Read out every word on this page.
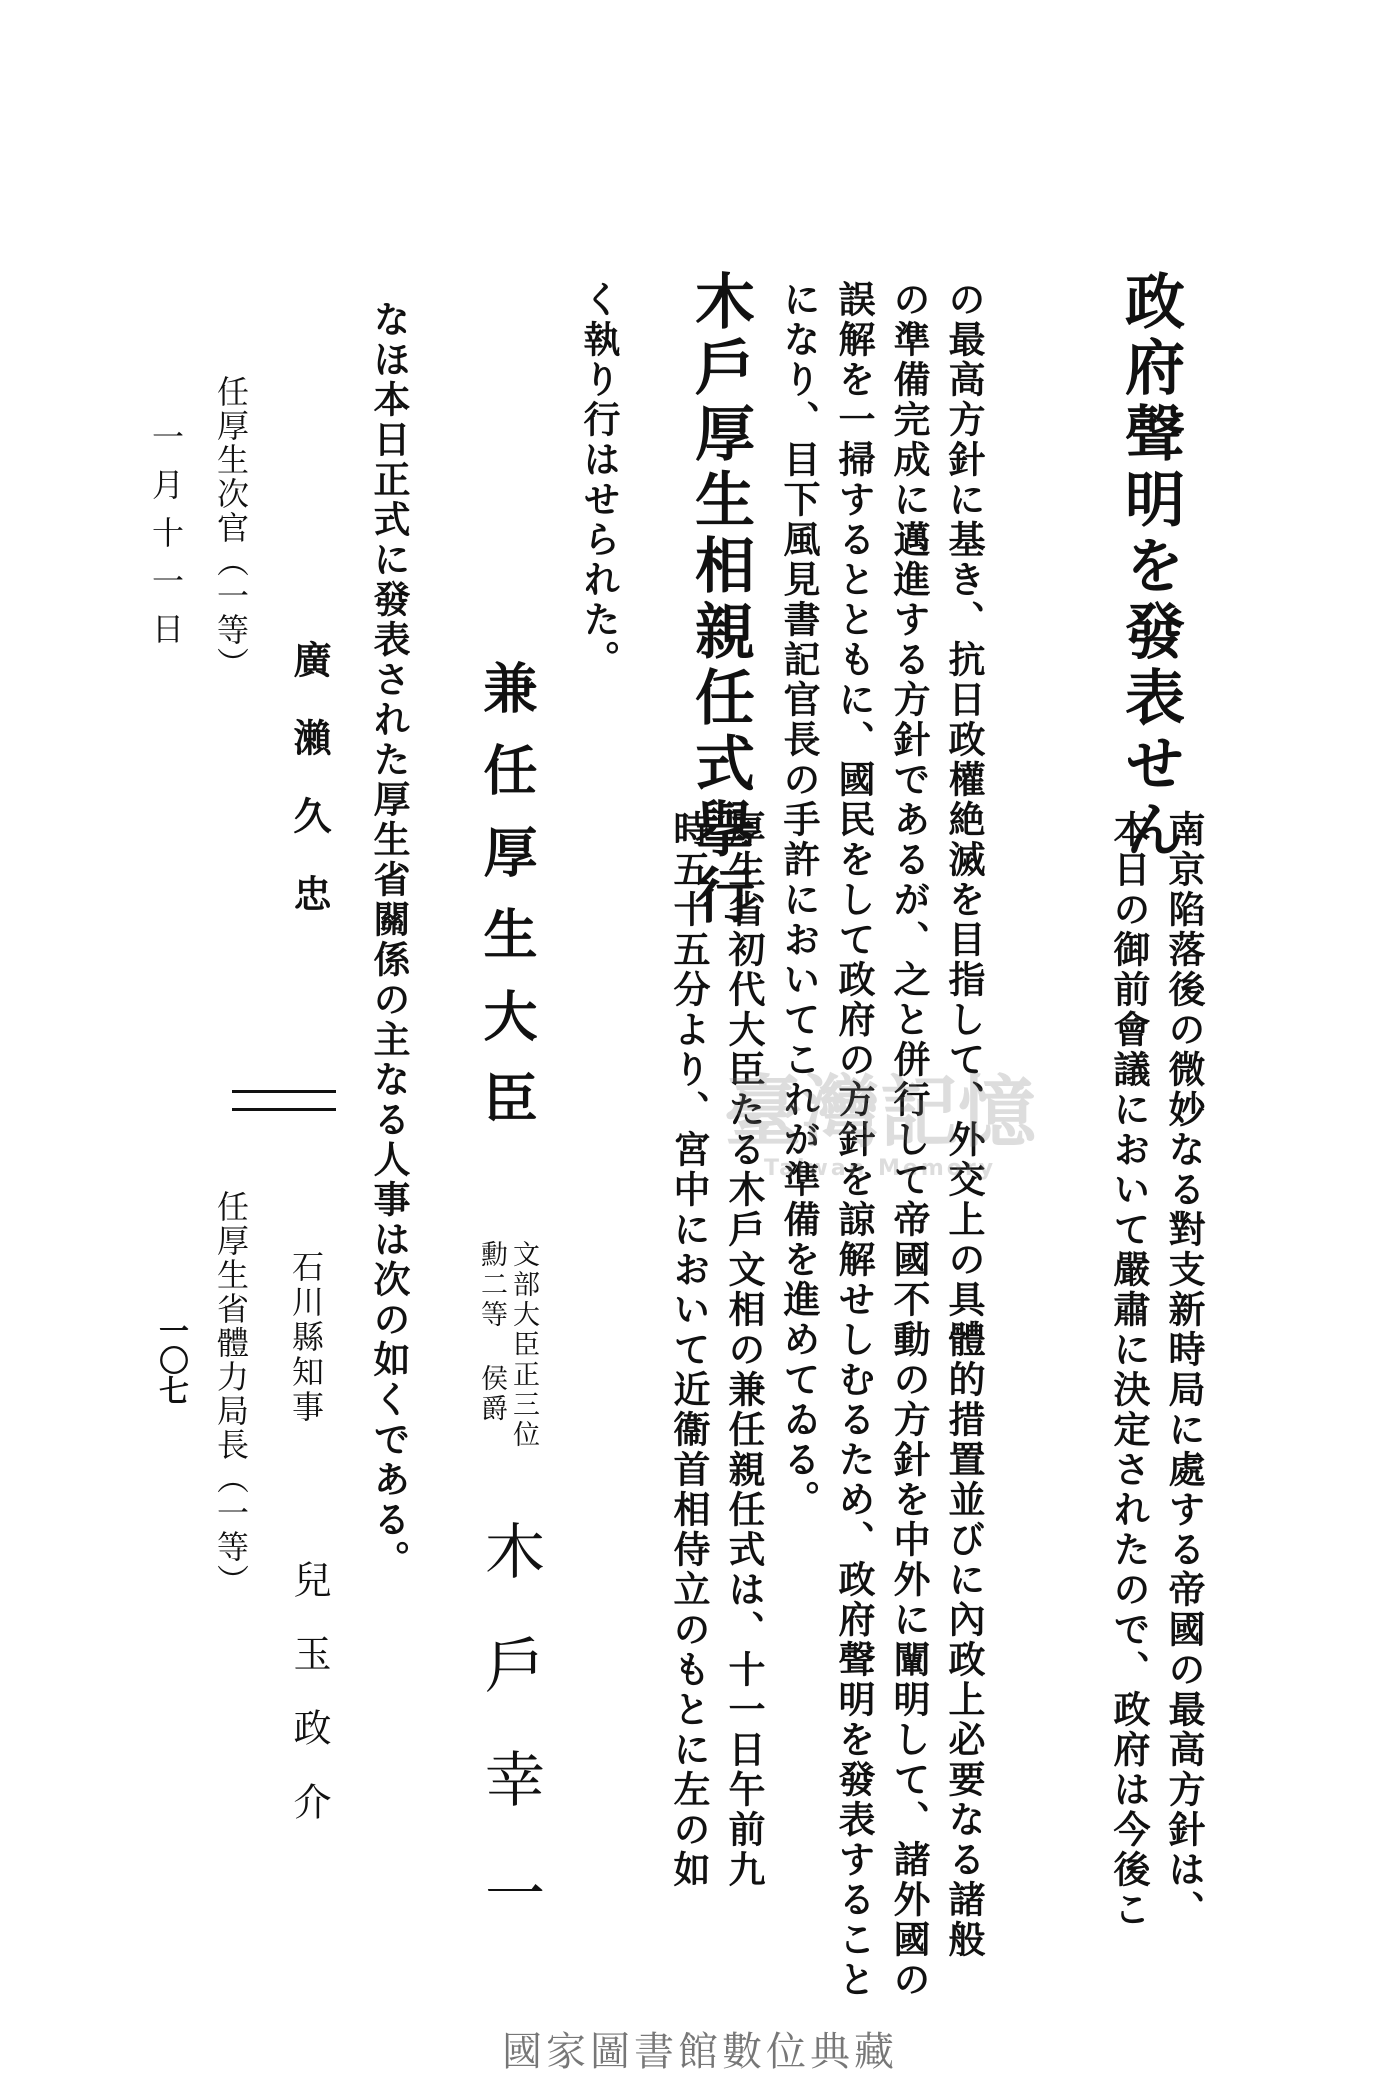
政府聲明を發表せん
南京陷落後の微妙なる對支新時局に處する帝國の最高方針は、
本日の御前會議において嚴肅に決定されたので、政府は今後こ
の最高方針に基き、抗日政權絶滅を目指して、外交上の具體的措置並びに內政上必要なる諸般
の準備完成に邁進する方針であるが、之と併行して帝國不動の方針を中外に闡明して、諸外國の
誤解を一掃するとともに、國民をして政府の方針を諒解せしむるため、政府聲明を發表すること
になり、目下風見書記官長の手許においてこれが準備を進めてゐる。
木戶厚生相親任式擧行
厚生省初代大臣たる木戶文相の兼任親任式は、十一日午前九
時五十五分より、宮中において近衞首相侍立のもとに左の如
く執り行はせられた。
兼任厚生大臣
文部大臣正三位
勳二等 侯爵
木戶幸一
なほ本日正式に發表された厚生省關係の主なる人事は次の如くである。
廣瀨久忠
石川縣知事
兒玉政介
任厚生次官（一等）
任厚生省體力局長（一等）
一月十一日
一〇七
臺灣記憶
Taiwan Memory
國家圖書館數位典藏
